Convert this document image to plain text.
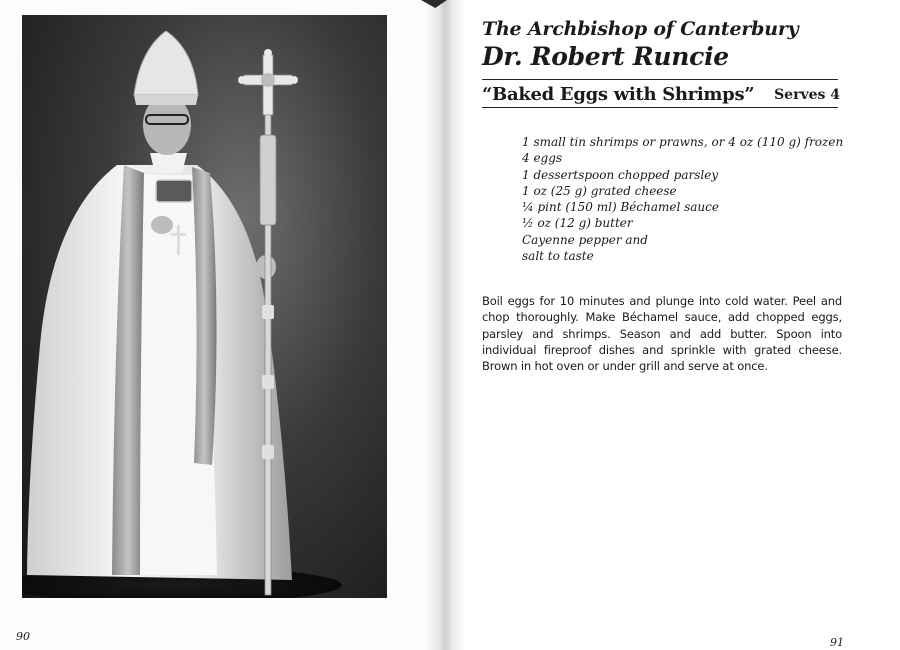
90
The Archbishop of Canterbury
Dr. Robert Runcie
“Baked Eggs with Shrimps” Serves 4
1 small tin shrimps or prawns, or 4 oz (110 g) frozen
4 eggs
1 dessertspoon chopped parsley
1 oz (25 g) grated cheese
¼ pint (150 ml) Béchamel sauce
½ oz (12 g) butter
Cayenne pepper and
salt to taste

Boil eggs for 10 minutes and plunge into cold water. Peel and chop thoroughly. Make Béchamel sauce, add chopped eggs, parsley and shrimps. Season and add butter. Spoon into individual fireproof dishes and sprinkle with grated cheese. Brown in hot oven or under grill and serve at once.

91
